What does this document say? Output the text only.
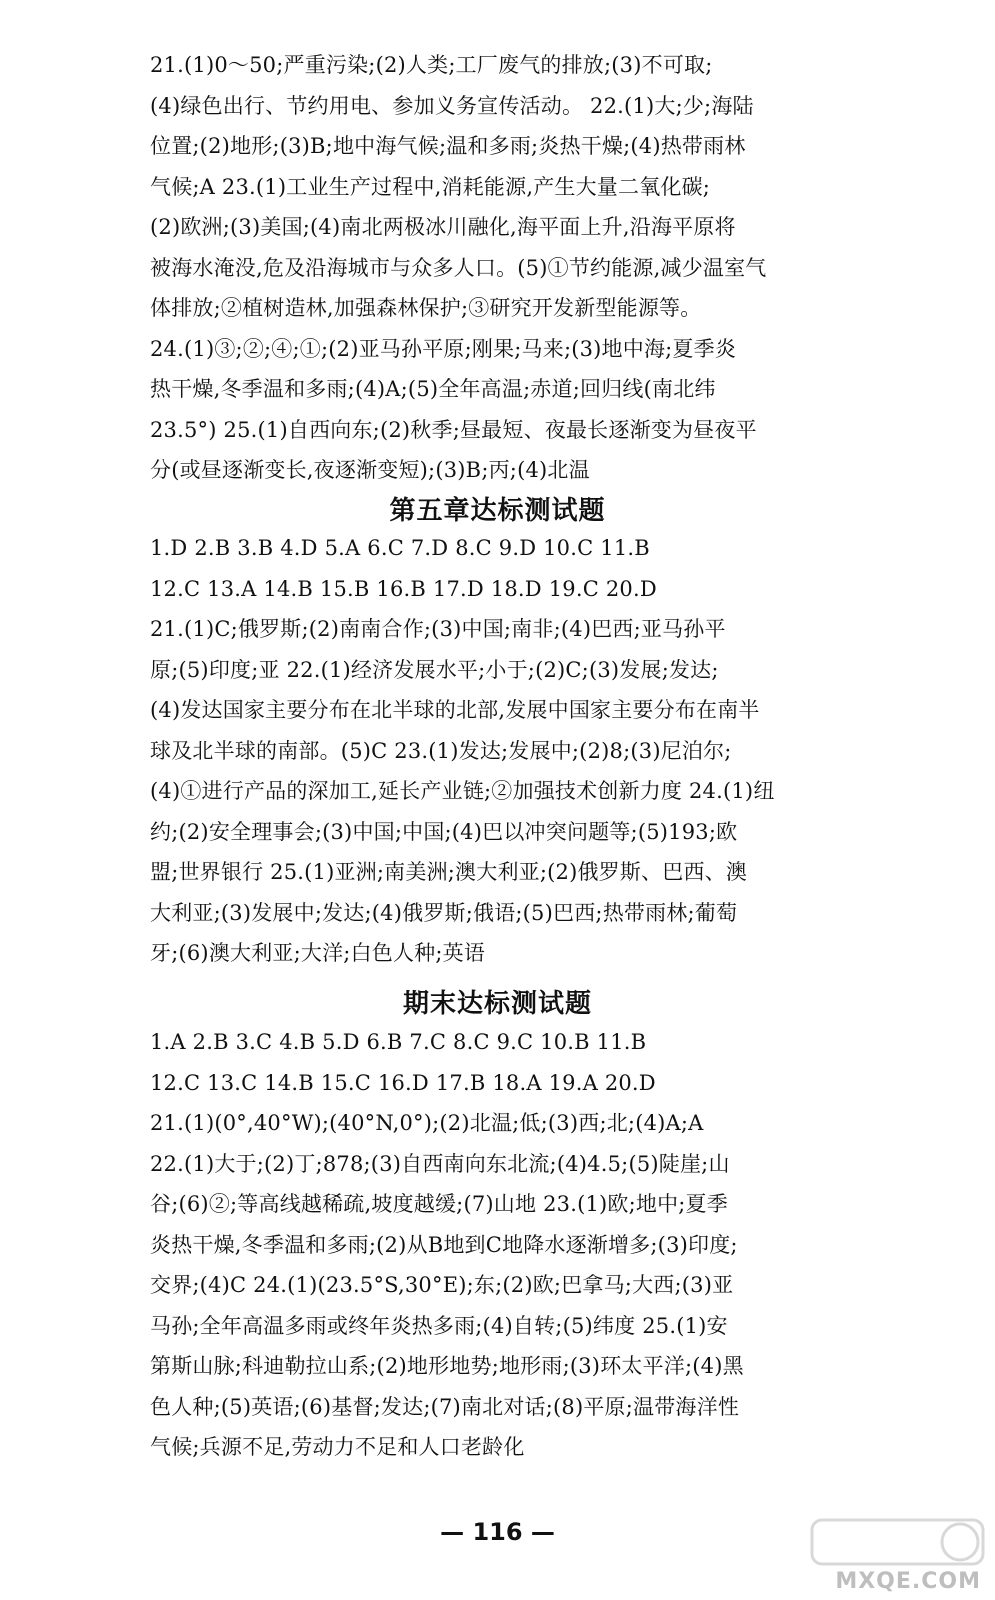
21.(1)0～50;严重污染;(2)人类;工厂废气的排放;(3)不可取;
(4)绿色出行、节约用电、参加义务宣传活动。 22.(1)大;少;海陆
位置;(2)地形;(3)B;地中海气候;温和多雨;炎热干燥;(4)热带雨林
气候;A 23.(1)工业生产过程中,消耗能源,产生大量二氧化碳;
(2)欧洲;(3)美国;(4)南北两极冰川融化,海平面上升,沿海平原将
被海水淹没,危及沿海城市与众多人口。(5)①节约能源,减少温室气
体排放;②植树造林,加强森林保护;③研究开发新型能源等。
24.(1)③;②;④;①;(2)亚马孙平原;刚果;马来;(3)地中海;夏季炎
热干燥,冬季温和多雨;(4)A;(5)全年高温;赤道;回归线(南北纬
23.5°) 25.(1)自西向东;(2)秋季;昼最短、夜最长逐渐变为昼夜平
分(或昼逐渐变长,夜逐渐变短);(3)B;丙;(4)北温
第五章达标测试题
1.D 2.B 3.B 4.D 5.A 6.C 7.D 8.C 9.D 10.C 11.B
12.C 13.A 14.B 15.B 16.B 17.D 18.D 19.C 20.D
21.(1)C;俄罗斯;(2)南南合作;(3)中国;南非;(4)巴西;亚马孙平
原;(5)印度;亚 22.(1)经济发展水平;小于;(2)C;(3)发展;发达;
(4)发达国家主要分布在北半球的北部,发展中国家主要分布在南半
球及北半球的南部。(5)C 23.(1)发达;发展中;(2)8;(3)尼泊尔;
(4)①进行产品的深加工,延长产业链;②加强技术创新力度 24.(1)纽
约;(2)安全理事会;(3)中国;中国;(4)巴以冲突问题等;(5)193;欧
盟;世界银行 25.(1)亚洲;南美洲;澳大利亚;(2)俄罗斯、巴西、澳
大利亚;(3)发展中;发达;(4)俄罗斯;俄语;(5)巴西;热带雨林;葡萄
牙;(6)澳大利亚;大洋;白色人种;英语
期末达标测试题
1.A 2.B 3.C 4.B 5.D 6.B 7.C 8.C 9.C 10.B 11.B
12.C 13.C 14.B 15.C 16.D 17.B 18.A 19.A 20.D
21.(1)(0°,40°W);(40°N,0°);(2)北温;低;(3)西;北;(4)A;A
22.(1)大于;(2)丁;878;(3)自西南向东北流;(4)4.5;(5)陡崖;山
谷;(6)②;等高线越稀疏,坡度越缓;(7)山地 23.(1)欧;地中;夏季
炎热干燥,冬季温和多雨;(2)从B地到C地降水逐渐增多;(3)印度;
交界;(4)C 24.(1)(23.5°S,30°E);东;(2)欧;巴拿马;大西;(3)亚
马孙;全年高温多雨或终年炎热多雨;(4)自转;(5)纬度 25.(1)安
第斯山脉;科迪勒拉山系;(2)地形地势;地形雨;(3)环太平洋;(4)黑
色人种;(5)英语;(6)基督;发达;(7)南北对话;(8)平原;温带海洋性
气候;兵源不足,劳动力不足和人口老龄化
— 116 —
MXQE.COM
